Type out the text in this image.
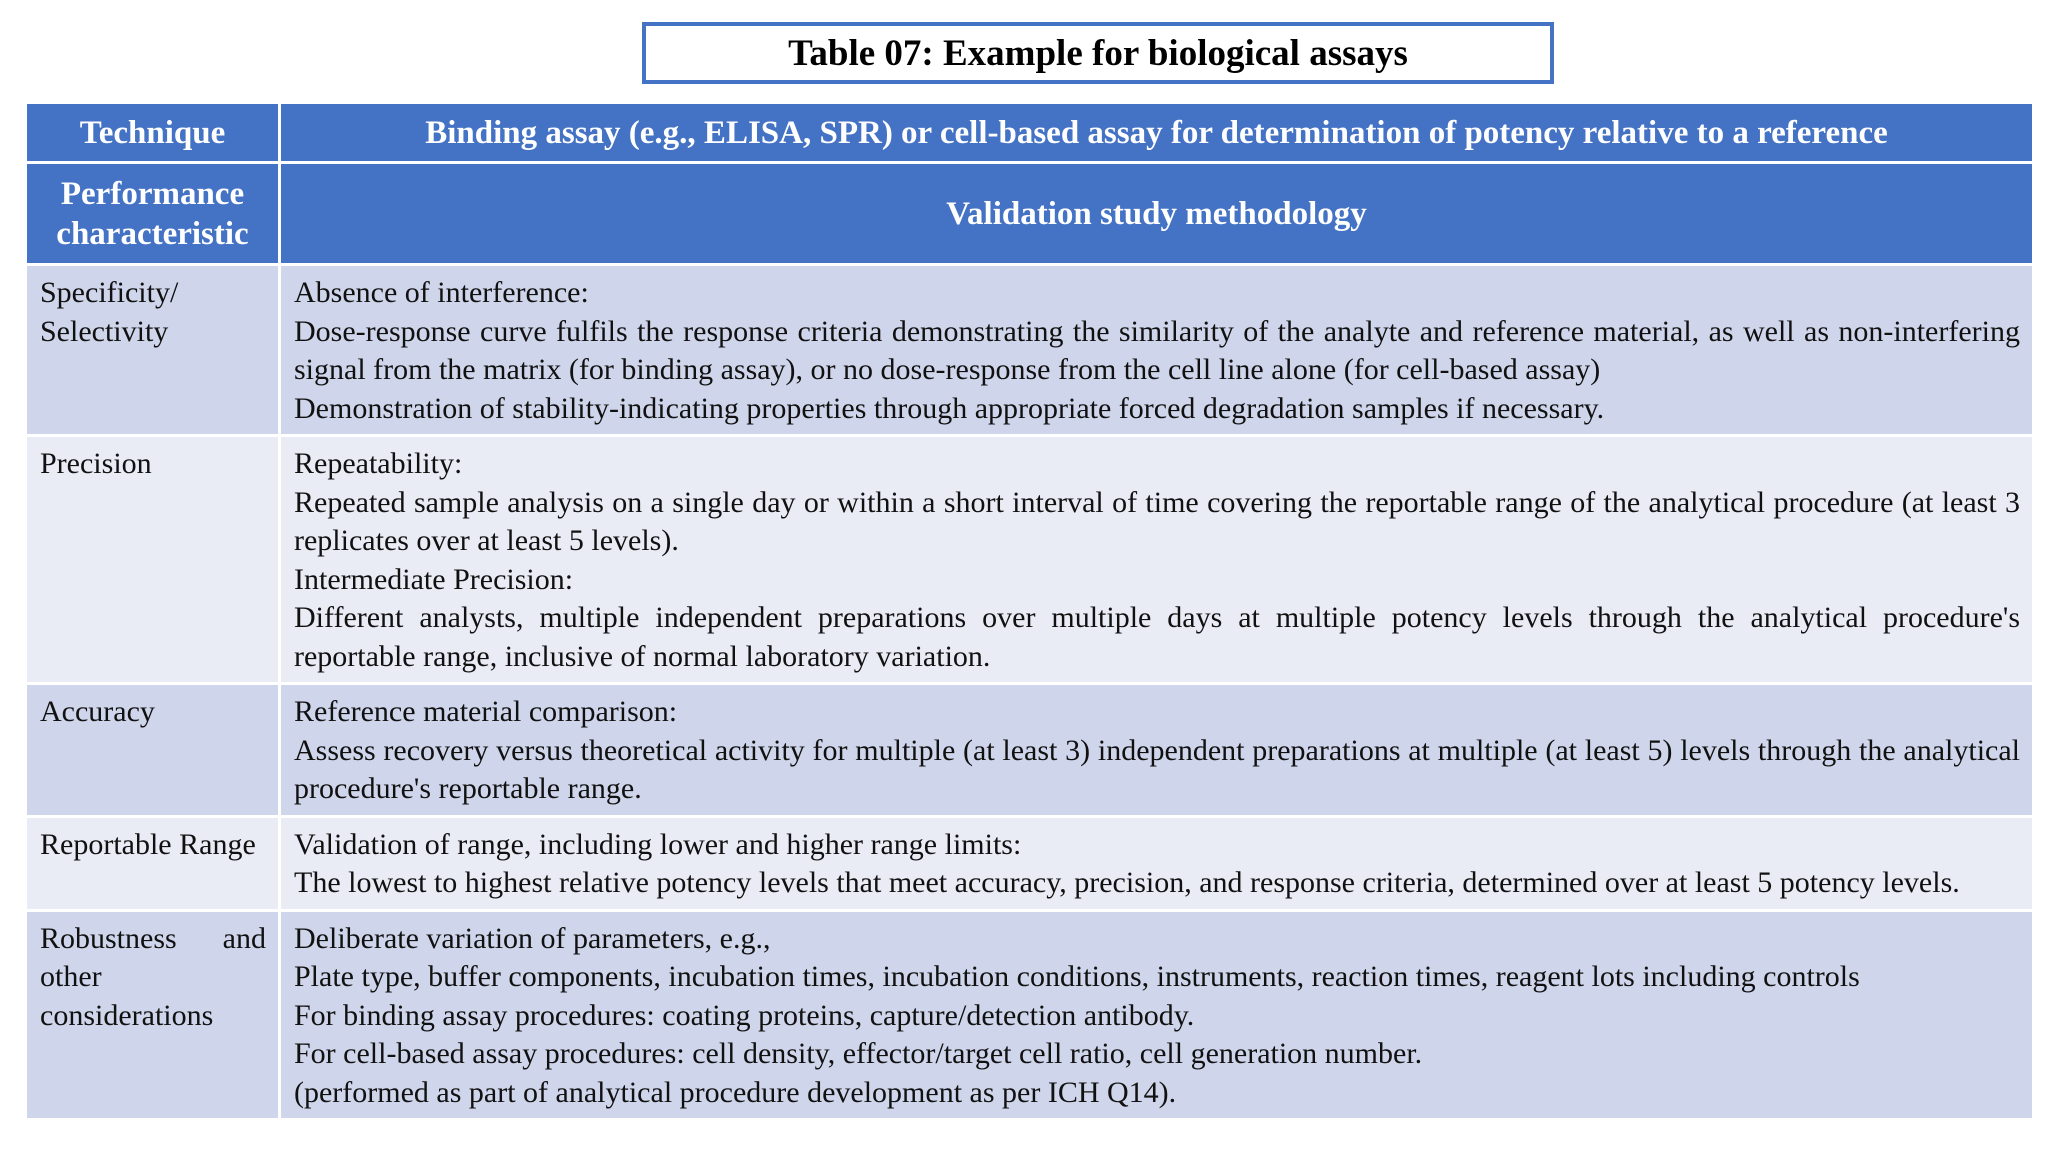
Table 07: Example for biological assays
Technique	Binding assay (e.g., ELISA, SPR) or cell-based assay for determination of potency relative to a reference
Performance characteristic	Validation study methodology
Specificity/ Selectivity	Absence of interference:
Dose-response curve fulfils the response criteria demonstrating the similarity of the analyte and reference material, as well as non-interfering signal from the matrix (for binding assay), or no dose-response from the cell line alone (for cell-based assay)
Demonstration of stability-indicating properties through appropriate forced degradation samples if necessary.

Precision	Repeatability:
Repeated sample analysis on a single day or within a short interval of time covering the reportable range of the analytical procedure (at least 3 replicates over at least 5 levels).
Intermediate Precision:
Different analysts, multiple independent preparations over multiple days at multiple potency levels through the analytical procedure's reportable range, inclusive of normal laboratory variation.

Accuracy	Reference material comparison:
Assess recovery versus theoretical activity for multiple (at least 3) independent preparations at multiple (at least 5) levels through the analytical procedure's reportable range.

Reportable Range	Validation of range, including lower and higher range limits:
The lowest to highest relative potency levels that meet accuracy, precision, and response criteria, determined over at least 5 potency levels.

Robustness and other considerations	Deliberate variation of parameters, e.g.,
Plate type, buffer components, incubation times, incubation conditions, instruments, reaction times, reagent lots including controls
For binding assay procedures: coating proteins, capture/detection antibody.
For cell-based assay procedures: cell density, effector/target cell ratio, cell generation number.
(performed as part of analytical procedure development as per ICH Q14).
